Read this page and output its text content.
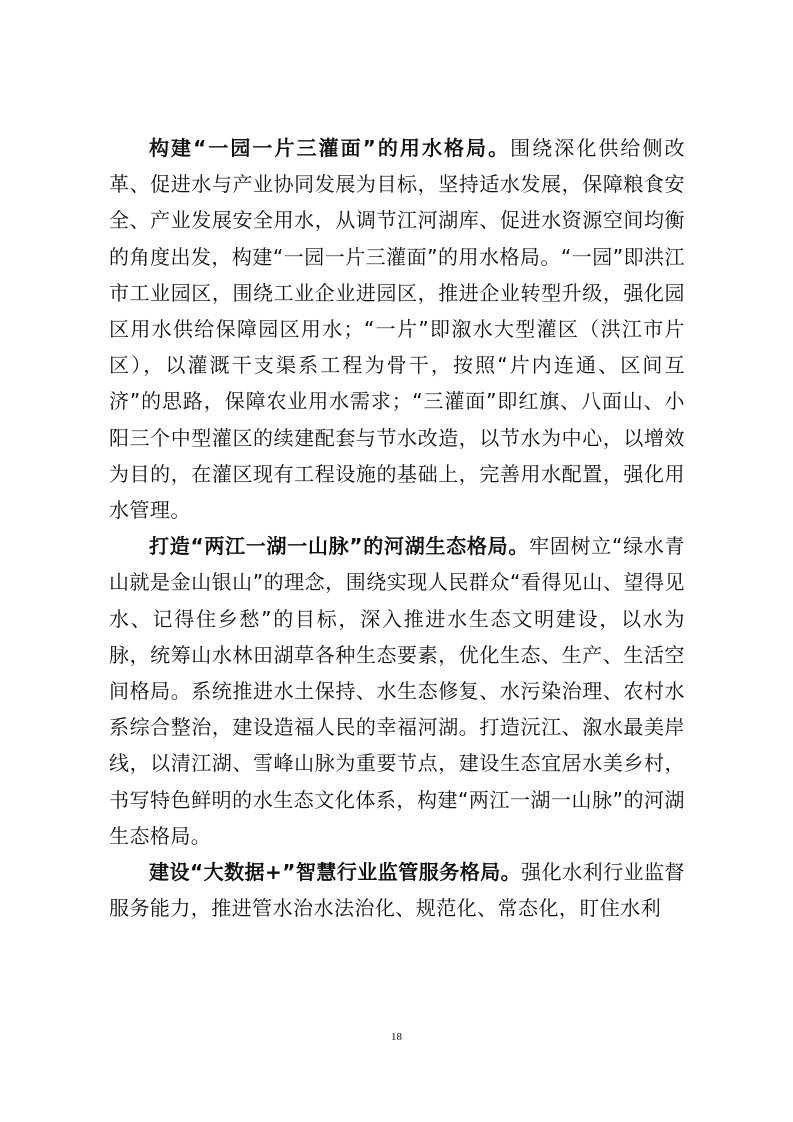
构建“一园一片三灌面”的用水格局。围绕深化供给侧改革、促进水与产业协同发展为目标，坚持适水发展，保障粮食安全、产业发展安全用水，从调节江河湖库、促进水资源空间均衡的角度出发，构建“一园一片三灌面”的用水格局。“一园”即洪江市工业园区，围绕工业企业进园区，推进企业转型升级，强化园区用水供给保障园区用水；“一片”即溆水大型灌区（洪江市片区），以灌溉干支渠系工程为骨干，按照“片内连通、区间互济”的思路，保障农业用水需求；“三灌面”即红旗、八面山、小阳三个中型灌区的续建配套与节水改造，以节水为中心，以增效为目的，在灌区现有工程设施的基础上，完善用水配置，强化用水管理。

打造“两江一湖一山脉”的河湖生态格局。牢固树立“绿水青山就是金山银山”的理念，围绕实现人民群众“看得见山、望得见水、记得住乡愁”的目标，深入推进水生态文明建设，以水为脉，统筹山水林田湖草各种生态要素，优化生态、生产、生活空间格局。系统推进水土保持、水生态修复、水污染治理、农村水系综合整治，建设造福人民的幸福河湖。打造沅江、溆水最美岸线，以清江湖、雪峰山脉为重要节点，建设生态宜居水美乡村，书写特色鲜明的水生态文化体系，构建“两江一湖一山脉”的河湖生态格局。

建设“大数据+”智慧行业监管服务格局。强化水利行业监督服务能力，推进管水治水法治化、规范化、常态化，盯住水利

18
